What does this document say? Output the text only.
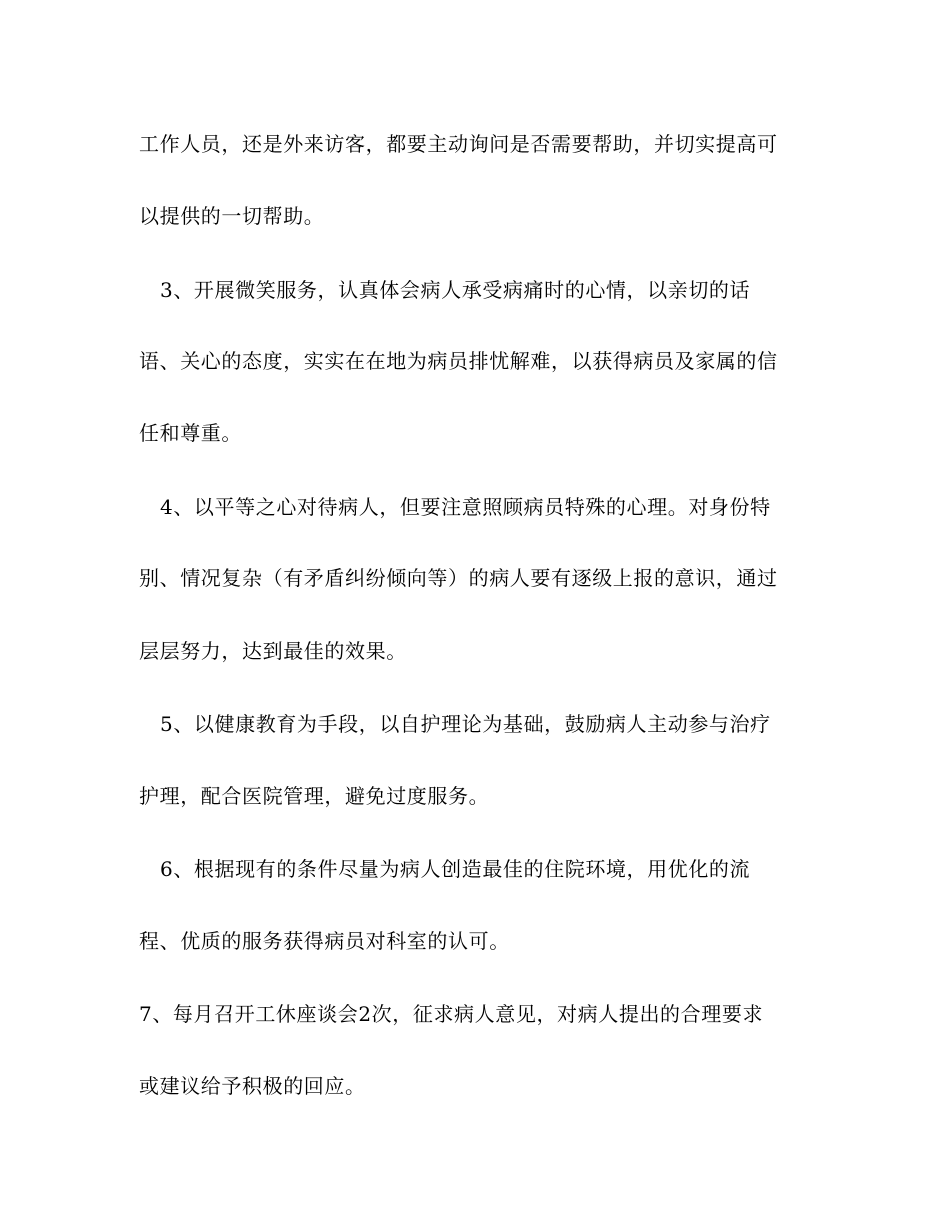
工作人员，还是外来访客，都要主动询问是否需要帮助，并切实提高可
以提供的一切帮助。
3、开展微笑服务，认真体会病人承受病痛时的心情，以亲切的话
语、关心的态度，实实在在地为病员排忧解难，以获得病员及家属的信
任和尊重。
4、以平等之心对待病人，但要注意照顾病员特殊的心理。对身份特
别、情况复杂（有矛盾纠纷倾向等）的病人要有逐级上报的意识，通过
层层努力，达到最佳的效果。
5、以健康教育为手段，以自护理论为基础，鼓励病人主动参与治疗
护理，配合医院管理，避免过度服务。
6、根据现有的条件尽量为病人创造最佳的住院环境，用优化的流
程、优质的服务获得病员对科室的认可。
7、每月召开工休座谈会2次，征求病人意见，对病人提出的合理要求
或建议给予积极的回应。
